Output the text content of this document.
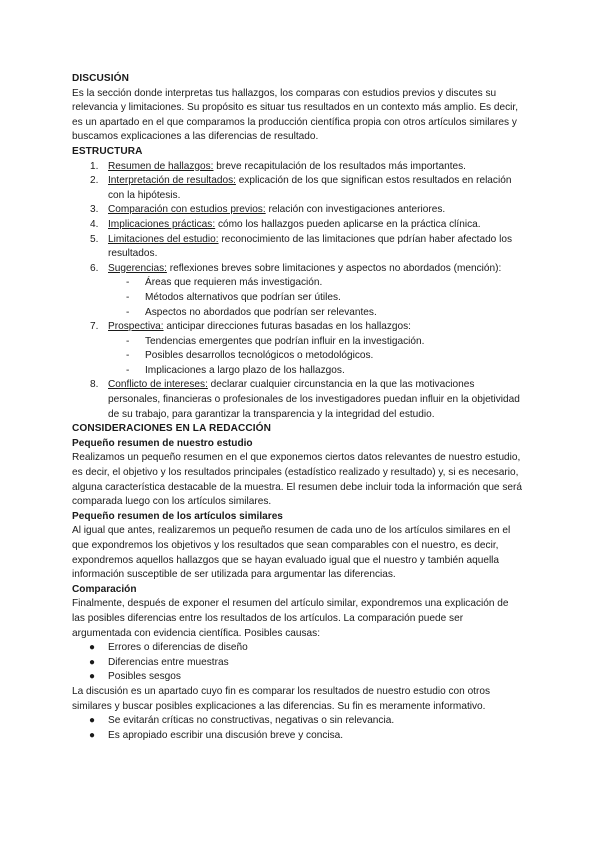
DISCUSIÓN

Es la sección donde interpretas tus hallazgos, los comparas con estudios previos y discutes su relevancia y limitaciones. Su propósito es situar tus resultados en un contexto más amplio. Es decir, es un apartado en el que comparamos la producción científica propia con otros artículos similares y buscamos explicaciones a las diferencias de resultado.

ESTRUCTURA

1. Resumen de hallazgos: breve recapitulación de los resultados más importantes.
2. Interpretación de resultados: explicación de los que significan estos resultados en relación con la hipótesis.
3. Comparación con estudios previos: relación con investigaciones anteriores.
4. Implicaciones prácticas: cómo los hallazgos pueden aplicarse en la práctica clínica.
5. Limitaciones del estudio: reconocimiento de las limitaciones que pdrían haber afectado los resultados.
6. Sugerencias: reflexiones breves sobre limitaciones y aspectos no abordados (mención):
- Áreas que requieren más investigación.
- Métodos alternativos que podrían ser útiles.
- Aspectos no abordados que podrían ser relevantes.
7. Prospectiva: anticipar direcciones futuras basadas en los hallazgos:
- Tendencias emergentes que podrían influir en la investigación.
- Posibles desarrollos tecnológicos o metodológicos.
- Implicaciones a largo plazo de los hallazgos.
8. Conflicto de intereses: declarar cualquier circunstancia en la que las motivaciones personales, financieras o profesionales de los investigadores puedan influir en la objetividad de su trabajo, para garantizar la transparencia y la integridad del estudio.

CONSIDERACIONES EN LA REDACCIÓN

Pequeño resumen de nuestro estudio

Realizamos un pequeño resumen en el que exponemos ciertos datos relevantes de nuestro estudio, es decir, el objetivo y los resultados principales (estadístico realizado y resultado) y, si es necesario, alguna característica destacable de la muestra. El resumen debe incluir toda la información que será comparada luego con los artículos similares.

Pequeño resumen de los artículos similares

Al igual que antes, realizaremos un pequeño resumen de cada uno de los artículos similares en el que expondremos los objetivos y los resultados que sean comparables con el nuestro, es decir, expondremos aquellos hallazgos que se hayan evaluado igual que el nuestro y también aquella información susceptible de ser utilizada para argumentar las diferencias.

Comparación

Finalmente, después de exponer el resumen del artículo similar, expondremos una explicación de las posibles diferencias entre los resultados de los artículos. La comparación puede ser argumentada con evidencia científica. Posibles causas:

● Errores o diferencias de diseño
● Diferencias entre muestras
● Posibles sesgos

La discusión es un apartado cuyo fin es comparar los resultados de nuestro estudio con otros similares y buscar posibles explicaciones a las diferencias. Su fin es meramente informativo.

● Se evitarán críticas no constructivas, negativas o sin relevancia.
● Es apropiado escribir una discusión breve y concisa.
